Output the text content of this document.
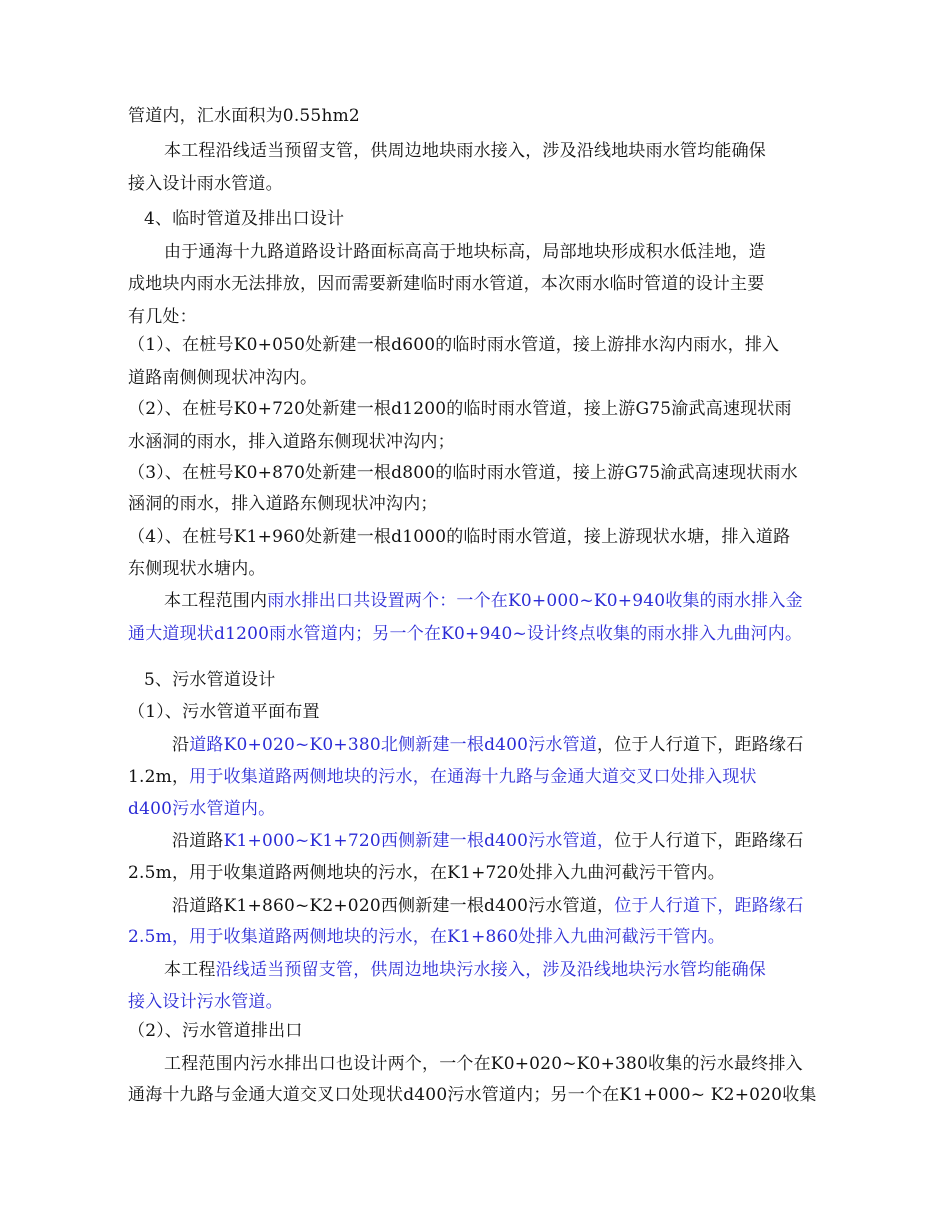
管道内，汇水面积为0.55hm2
本工程沿线适当预留支管，供周边地块雨水接入，涉及沿线地块雨水管均能确保
接入设计雨水管道。
4、临时管道及排出口设计
由于通海十九路道路设计路面标高高于地块标高，局部地块形成积水低洼地，造
成地块内雨水无法排放，因而需要新建临时雨水管道，本次雨水临时管道的设计主要
有几处：
（1）、在桩号K0+050处新建一根d600的临时雨水管道，接上游排水沟内雨水，排入
道路南侧侧现状冲沟内。
（2）、在桩号K0+720处新建一根d1200的临时雨水管道，接上游G75渝武高速现状雨
水涵洞的雨水，排入道路东侧现状冲沟内；
（3）、在桩号K0+870处新建一根d800的临时雨水管道，接上游G75渝武高速现状雨水
涵洞的雨水，排入道路东侧现状冲沟内；
（4）、在桩号K1+960处新建一根d1000的临时雨水管道，接上游现状水塘，排入道路
东侧现状水塘内。
本工程范围内雨水排出口共设置两个：一个在K0+000~K0+940收集的雨水排入金
通大道现状d1200雨水管道内；另一个在K0+940~设计终点收集的雨水排入九曲河内。
5、污水管道设计
（1）、污水管道平面布置
沿道路K0+020~K0+380北侧新建一根d400污水管道，位于人行道下，距路缘石
1.2m，用于收集道路两侧地块的污水，在通海十九路与金通大道交叉口处排入现状
d400污水管道内。
沿道路K1+000~K1+720西侧新建一根d400污水管道，位于人行道下，距路缘石
2.5m，用于收集道路两侧地块的污水，在K1+720处排入九曲河截污干管内。
沿道路K1+860~K2+020西侧新建一根d400污水管道，位于人行道下，距路缘石
2.5m，用于收集道路两侧地块的污水，在K1+860处排入九曲河截污干管内。
本工程沿线适当预留支管，供周边地块污水接入，涉及沿线地块污水管均能确保
接入设计污水管道。
（2）、污水管道排出口
工程范围内污水排出口也设计两个，一个在K0+020~K0+380收集的污水最终排入
通海十九路与金通大道交叉口处现状d400污水管道内；另一个在K1+000~ K2+020收集
